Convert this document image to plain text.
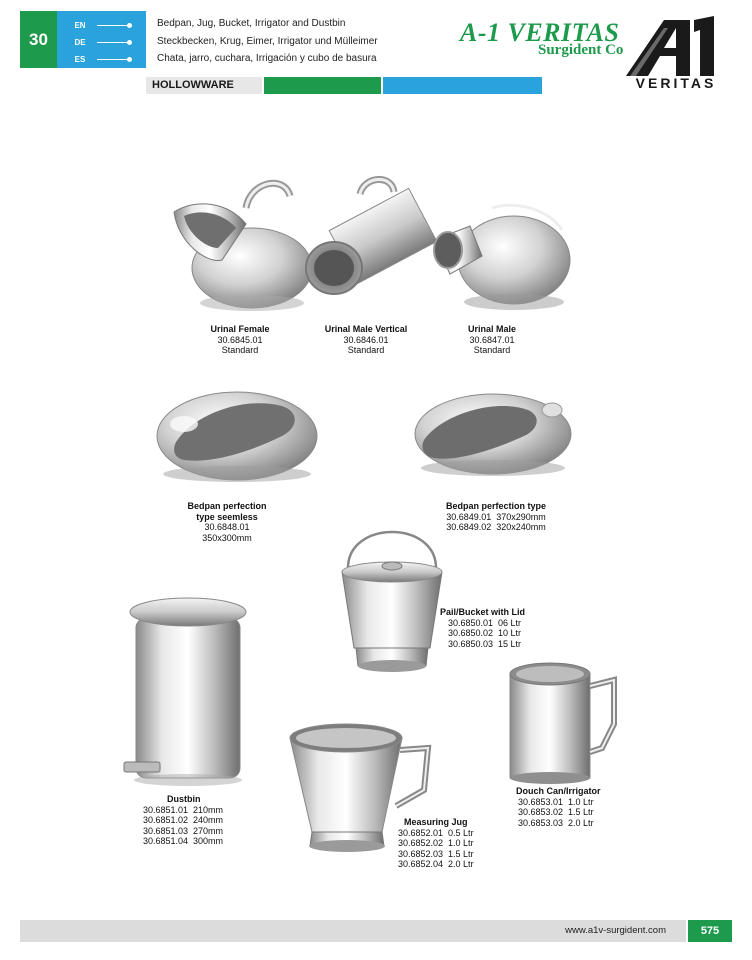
30
EN
DE
ES
Bedpan, Jug, Bucket, Irrigator and Dustbin
Steckbecken, Krug, Eimer, Irrigator und Mülleimer
Chata, jarro, cuchara, Irrigación y cubo de basura
A-1 VERITAS
Surgident Co
VERITAS
HOLLOWWARE
Urinal Female
30.6845.01
Standard
Urinal Male Vertical
30.6846.01
Standard
Urinal Male
30.6847.01
Standard
Bedpan perfection
type seemless
30.6848.01
350x300mm
Bedpan perfection type
30.6849.01  370x290mm
30.6849.02  320x240mm
Pail/Bucket with Lid
30.6850.01  06 Ltr
30.6850.02  10 Ltr
30.6850.03  15 Ltr
Dustbin
30.6851.01  210mm
30.6851.02  240mm
30.6851.03  270mm
30.6851.04  300mm
Douch Can/Irrigator
30.6853.01  1.0 Ltr
30.6853.02  1.5 Ltr
30.6853.03  2.0 Ltr
Measuring Jug
30.6852.01  0.5 Ltr
30.6852.02  1.0 Ltr
30.6852.03  1.5 Ltr
30.6852.04  2.0 Ltr
www.a1v-surgident.com	575
